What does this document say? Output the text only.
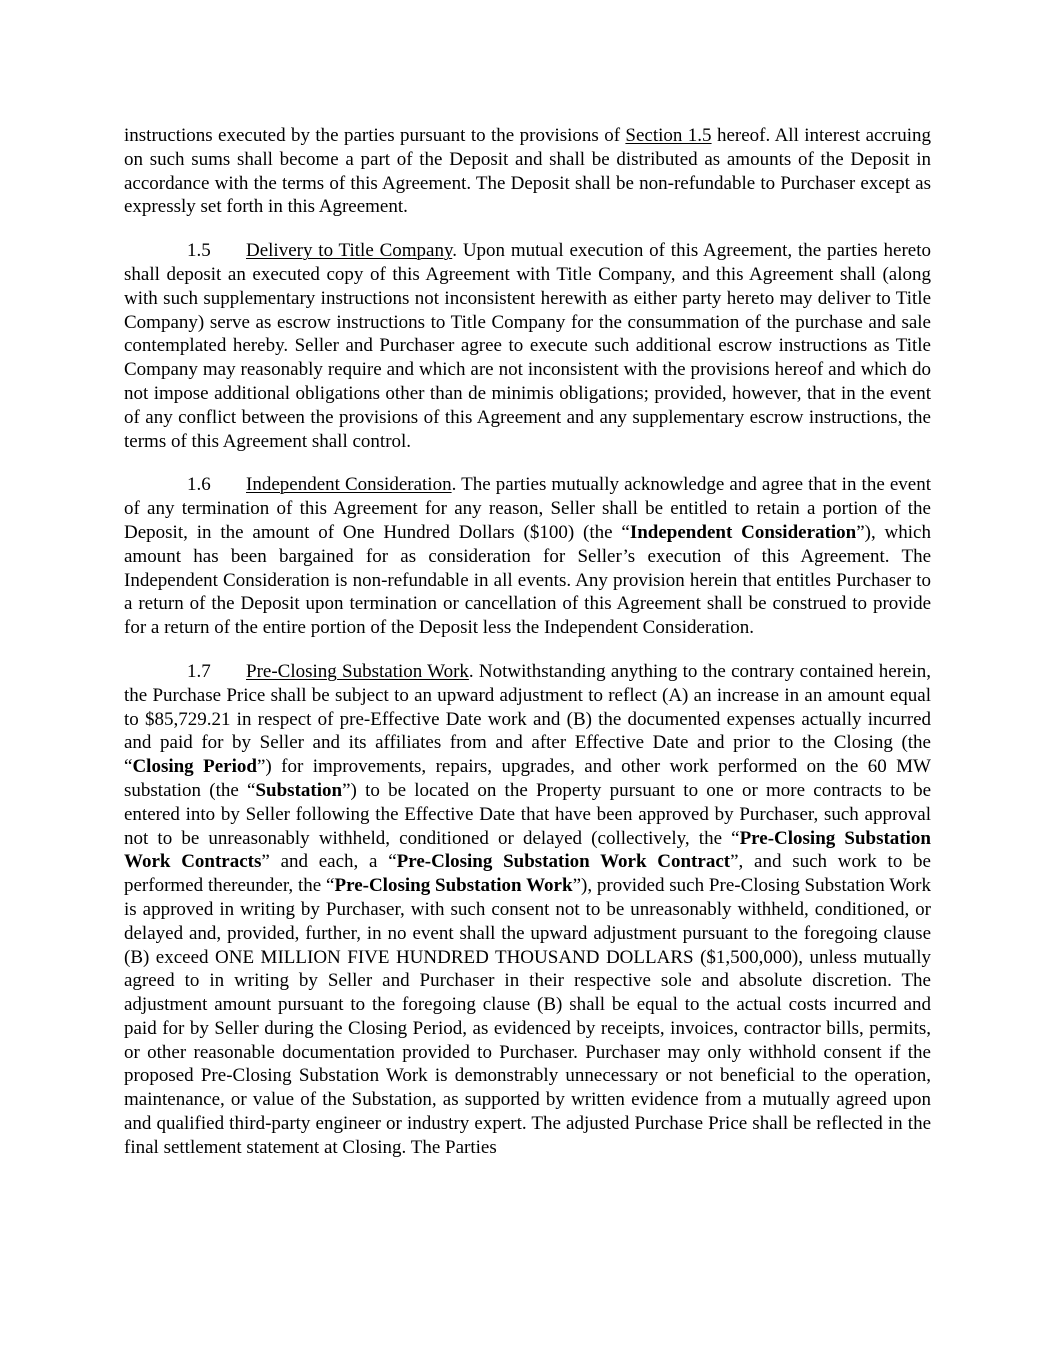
instructions executed by the parties pursuant to the provisions of Section 1.5 hereof. All interest accruing on such sums shall become a part of the Deposit and shall be distributed as amounts of the Deposit in accordance with the terms of this Agreement. The Deposit shall be non-refundable to Purchaser except as expressly set forth in this Agreement.

1.5 Delivery to Title Company. Upon mutual execution of this Agreement, the parties hereto shall deposit an executed copy of this Agreement with Title Company, and this Agreement shall (along with such supplementary instructions not inconsistent herewith as either party hereto may deliver to Title Company) serve as escrow instructions to Title Company for the consummation of the purchase and sale contemplated hereby. Seller and Purchaser agree to execute such additional escrow instructions as Title Company may reasonably require and which are not inconsistent with the provisions hereof and which do not impose additional obligations other than de minimis obligations; provided, however, that in the event of any conflict between the provisions of this Agreement and any supplementary escrow instructions, the terms of this Agreement shall control.

1.6 Independent Consideration. The parties mutually acknowledge and agree that in the event of any termination of this Agreement for any reason, Seller shall be entitled to retain a portion of the Deposit, in the amount of One Hundred Dollars ($100) (the “Independent Consideration”), which amount has been bargained for as consideration for Seller’s execution of this Agreement. The Independent Consideration is non-refundable in all events. Any provision herein that entitles Purchaser to a return of the Deposit upon termination or cancellation of this Agreement shall be construed to provide for a return of the entire portion of the Deposit less the Independent Consideration.

1.7 Pre-Closing Substation Work. Notwithstanding anything to the contrary contained herein, the Purchase Price shall be subject to an upward adjustment to reflect (A) an increase in an amount equal to $85,729.21 in respect of pre-Effective Date work and (B) the documented expenses actually incurred and paid for by Seller and its affiliates from and after Effective Date and prior to the Closing (the “Closing Period”) for improvements, repairs, upgrades, and other work performed on the 60 MW substation (the “Substation”) to be located on the Property pursuant to one or more contracts to be entered into by Seller following the Effective Date that have been approved by Purchaser, such approval not to be unreasonably withheld, conditioned or delayed (collectively, the “Pre-Closing Substation Work Contracts” and each, a “Pre-Closing Substation Work Contract”, and such work to be performed thereunder, the “Pre-Closing Substation Work”), provided such Pre-Closing Substation Work is approved in writing by Purchaser, with such consent not to be unreasonably withheld, conditioned, or delayed and, provided, further, in no event shall the upward adjustment pursuant to the foregoing clause (B) exceed ONE MILLION FIVE HUNDRED THOUSAND DOLLARS ($1,500,000), unless mutually agreed to in writing by Seller and Purchaser in their respective sole and absolute discretion. The adjustment amount pursuant to the foregoing clause (B) shall be equal to the actual costs incurred and paid for by Seller during the Closing Period, as evidenced by receipts, invoices, contractor bills, permits, or other reasonable documentation provided to Purchaser. Purchaser may only withhold consent if the proposed Pre-Closing Substation Work is demonstrably unnecessary or not beneficial to the operation, maintenance, or value of the Substation, as supported by written evidence from a mutually agreed upon and qualified third-party engineer or industry expert. The adjusted Purchase Price shall be reflected in the final settlement statement at Closing. The Parties
